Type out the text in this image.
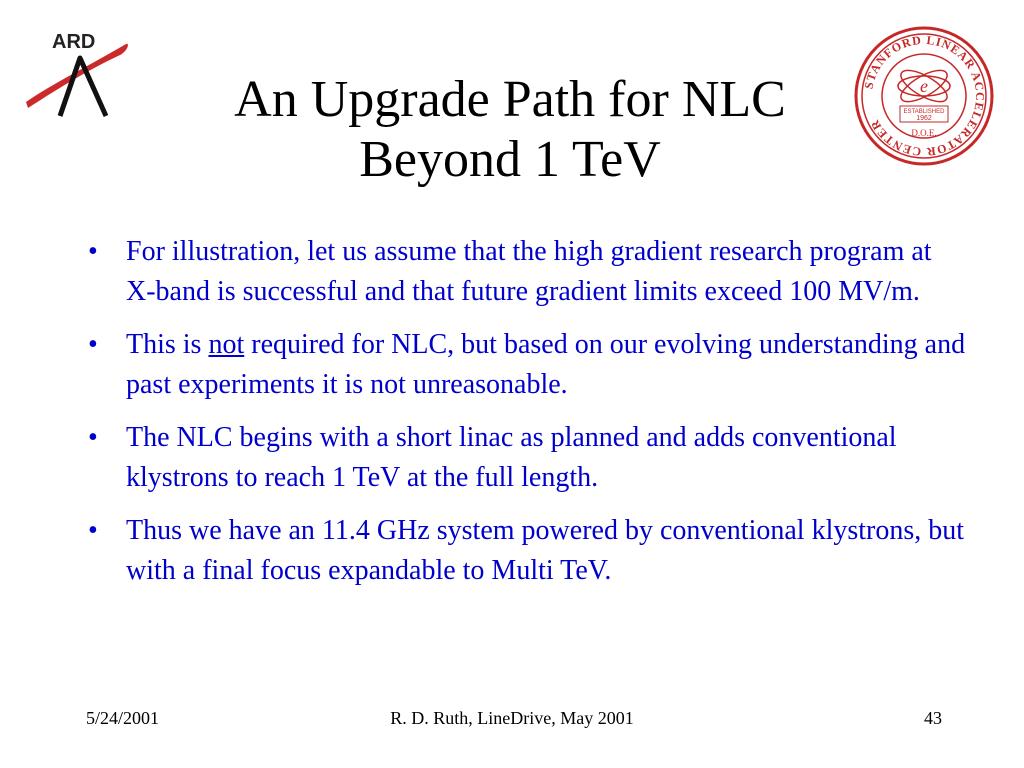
ARD
STANFORD LINEAR ACCELERATOR CENTER
e
ESTABLISHED
1962
D.O.E.
An Upgrade Path for NLC
Beyond 1 TeV
• For illustration, let us assume that the high gradient research program at X-band is successful and that future gradient limits exceed 100 MV/m.
• This is not required for NLC, but based on our evolving understanding and past experiments it is not unreasonable.
• The NLC begins with a short linac as planned and adds conventional klystrons to reach 1 TeV at the full length.
• Thus we have an 11.4 GHz system powered by conventional klystrons, but with a final focus expandable to Multi TeV.
5/24/2001	R. D. Ruth, LineDrive, May 2001	43
